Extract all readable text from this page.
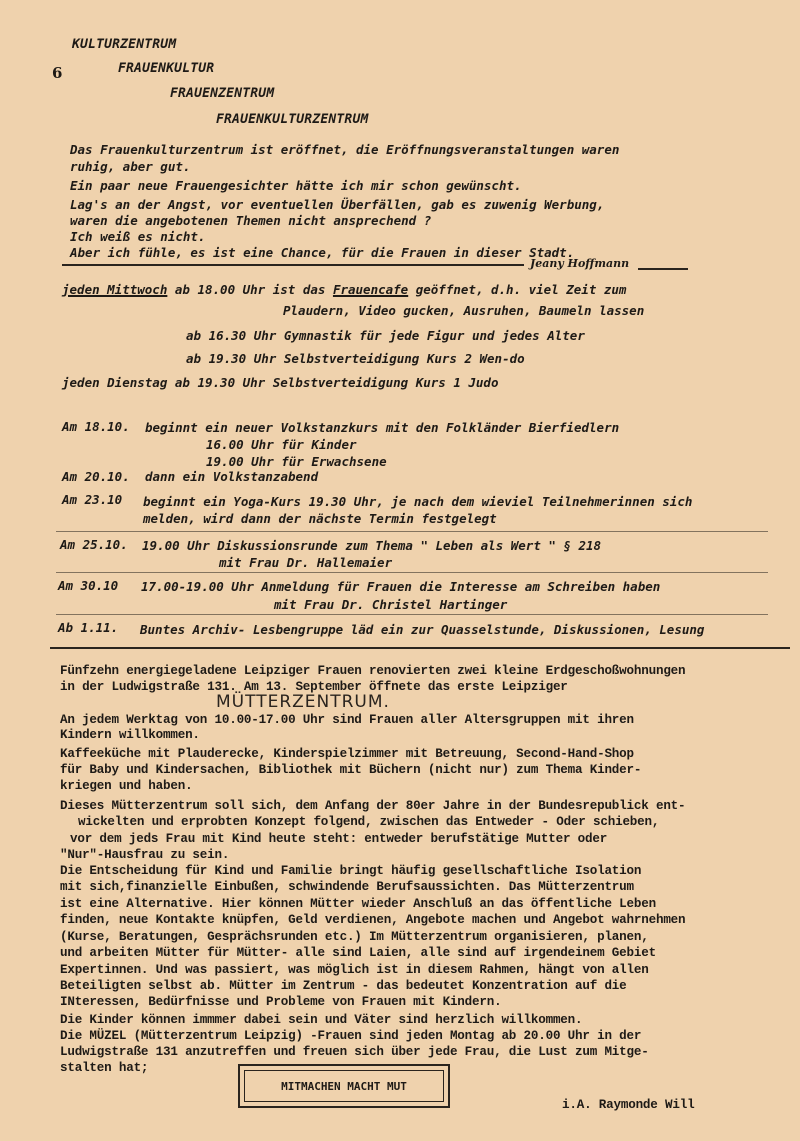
KULTURZENTRUM
6	FRAUENKULTUR
FRAUENZENTRUM
FRAUENKULTURZENTRUM
Das Frauenkulturzentrum ist eröffnet, die Eröffnungsveranstaltungen waren
ruhig, aber gut.
Ein paar neue Frauengesichter hätte ich mir schon gewünscht.
Lag's an der Angst, vor eventuellen Überfällen, gab es zuwenig Werbung,
waren die angebotenen Themen nicht ansprechend ?
Ich weiß es nicht.
Aber ich fühle, es ist eine Chance, für die Frauen in dieser Stadt.
Jeany Hoffmann
jeden Mittwoch ab 18.00 Uhr ist das Frauencafe geöffnet, d.h. viel Zeit zum
Plaudern, Video gucken, Ausruhen, Baumeln lassen
ab 16.30 Uhr Gymnastik für jede Figur und jedes Alter
ab 19.30 Uhr Selbstverteidigung Kurs 2 Wen-do
jeden Dienstag ab 19.30 Uhr Selbstverteidigung Kurs 1 Judo
Am 18.10. beginnt ein neuer Volkstanzkurs mit den Folkländer Bierfiedlern
16.00 Uhr für Kinder
19.00 Uhr für Erwachsene
Am 20.10. dann ein Volkstanzabend
Am 23.10 beginnt ein Yoga-Kurs 19.30 Uhr, je nach dem wieviel Teilnehmerinnen sich
melden, wird dann der nächste Termin festgelegt
Am 25.10. 19.00 Uhr Diskussionsrunde zum Thema " Leben als Wert " § 218
mit Frau Dr. Hallemaier
Am 30.10 17.00-19.00 Uhr Anmeldung für Frauen die Interesse am Schreiben haben
mit Frau Dr. Christel Hartinger
Ab 1.11. Buntes Archiv- Lesbengruppe läd ein zur Quasselstunde, Diskussionen, Lesung
Fünfzehn energiegeladene Leipziger Frauen renovierten zwei kleine Erdgeschoßwohnungen
in der Ludwigstraße 131. Am 13. September öffnete das erste Leipziger
MÜTTERZENTRUM.
An jedem Werktag von 10.00-17.00 Uhr sind Frauen aller Altersgruppen mit ihren
Kindern willkommen.
Kaffeeküche mit Plauderecke, Kinderspielzimmer mit Betreuung, Second-Hand-Shop
für Baby und Kindersachen, Bibliothek mit Büchern (nicht nur) zum Thema Kinder-
kriegen und haben.
Dieses Mütterzentrum soll sich, dem Anfang der 80er Jahre in der Bundesrepublick ent-
wickelten und erprobten Konzept folgend, zwischen das Entweder - Oder schieben,
vor dem jeds Frau mit Kind heute steht: entweder berufstätige Mutter oder
"Nur"-Hausfrau zu sein.
Die Entscheidung für Kind und Familie bringt häufig gesellschaftliche Isolation
mit sich,finanzielle Einbußen, schwindende Berufsaussichten. Das Mütterzentrum
ist eine Alternative. Hier können Mütter wieder Anschluß an das öffentliche Leben
finden, neue Kontakte knüpfen, Geld verdienen, Angebote machen und Angebot wahrnehmen
(Kurse, Beratungen, Gesprächsrunden etc.) Im Mütterzentrum organisieren, planen,
und arbeiten Mütter für Mütter- alle sind Laien, alle sind auf irgendeinem Gebiet
Expertinnen. Und was passiert, was möglich ist in diesem Rahmen, hängt von allen
Beteiligten selbst ab. Mütter im Zentrum - das bedeutet Konzentration auf die
INteressen, Bedürfnisse und Probleme von Frauen mit Kindern.
Die Kinder können immmer dabei sein und Väter sind herzlich willkommen.
Die MÜZEL (Mütterzentrum Leipzig) -Frauen sind jeden Montag ab 20.00 Uhr in der
Ludwigstraße 131 anzutreffen und freuen sich über jede Frau, die Lust zum Mitge-
stalten hat;
MITMACHEN MACHT MUT
i.A. Raymonde Will
